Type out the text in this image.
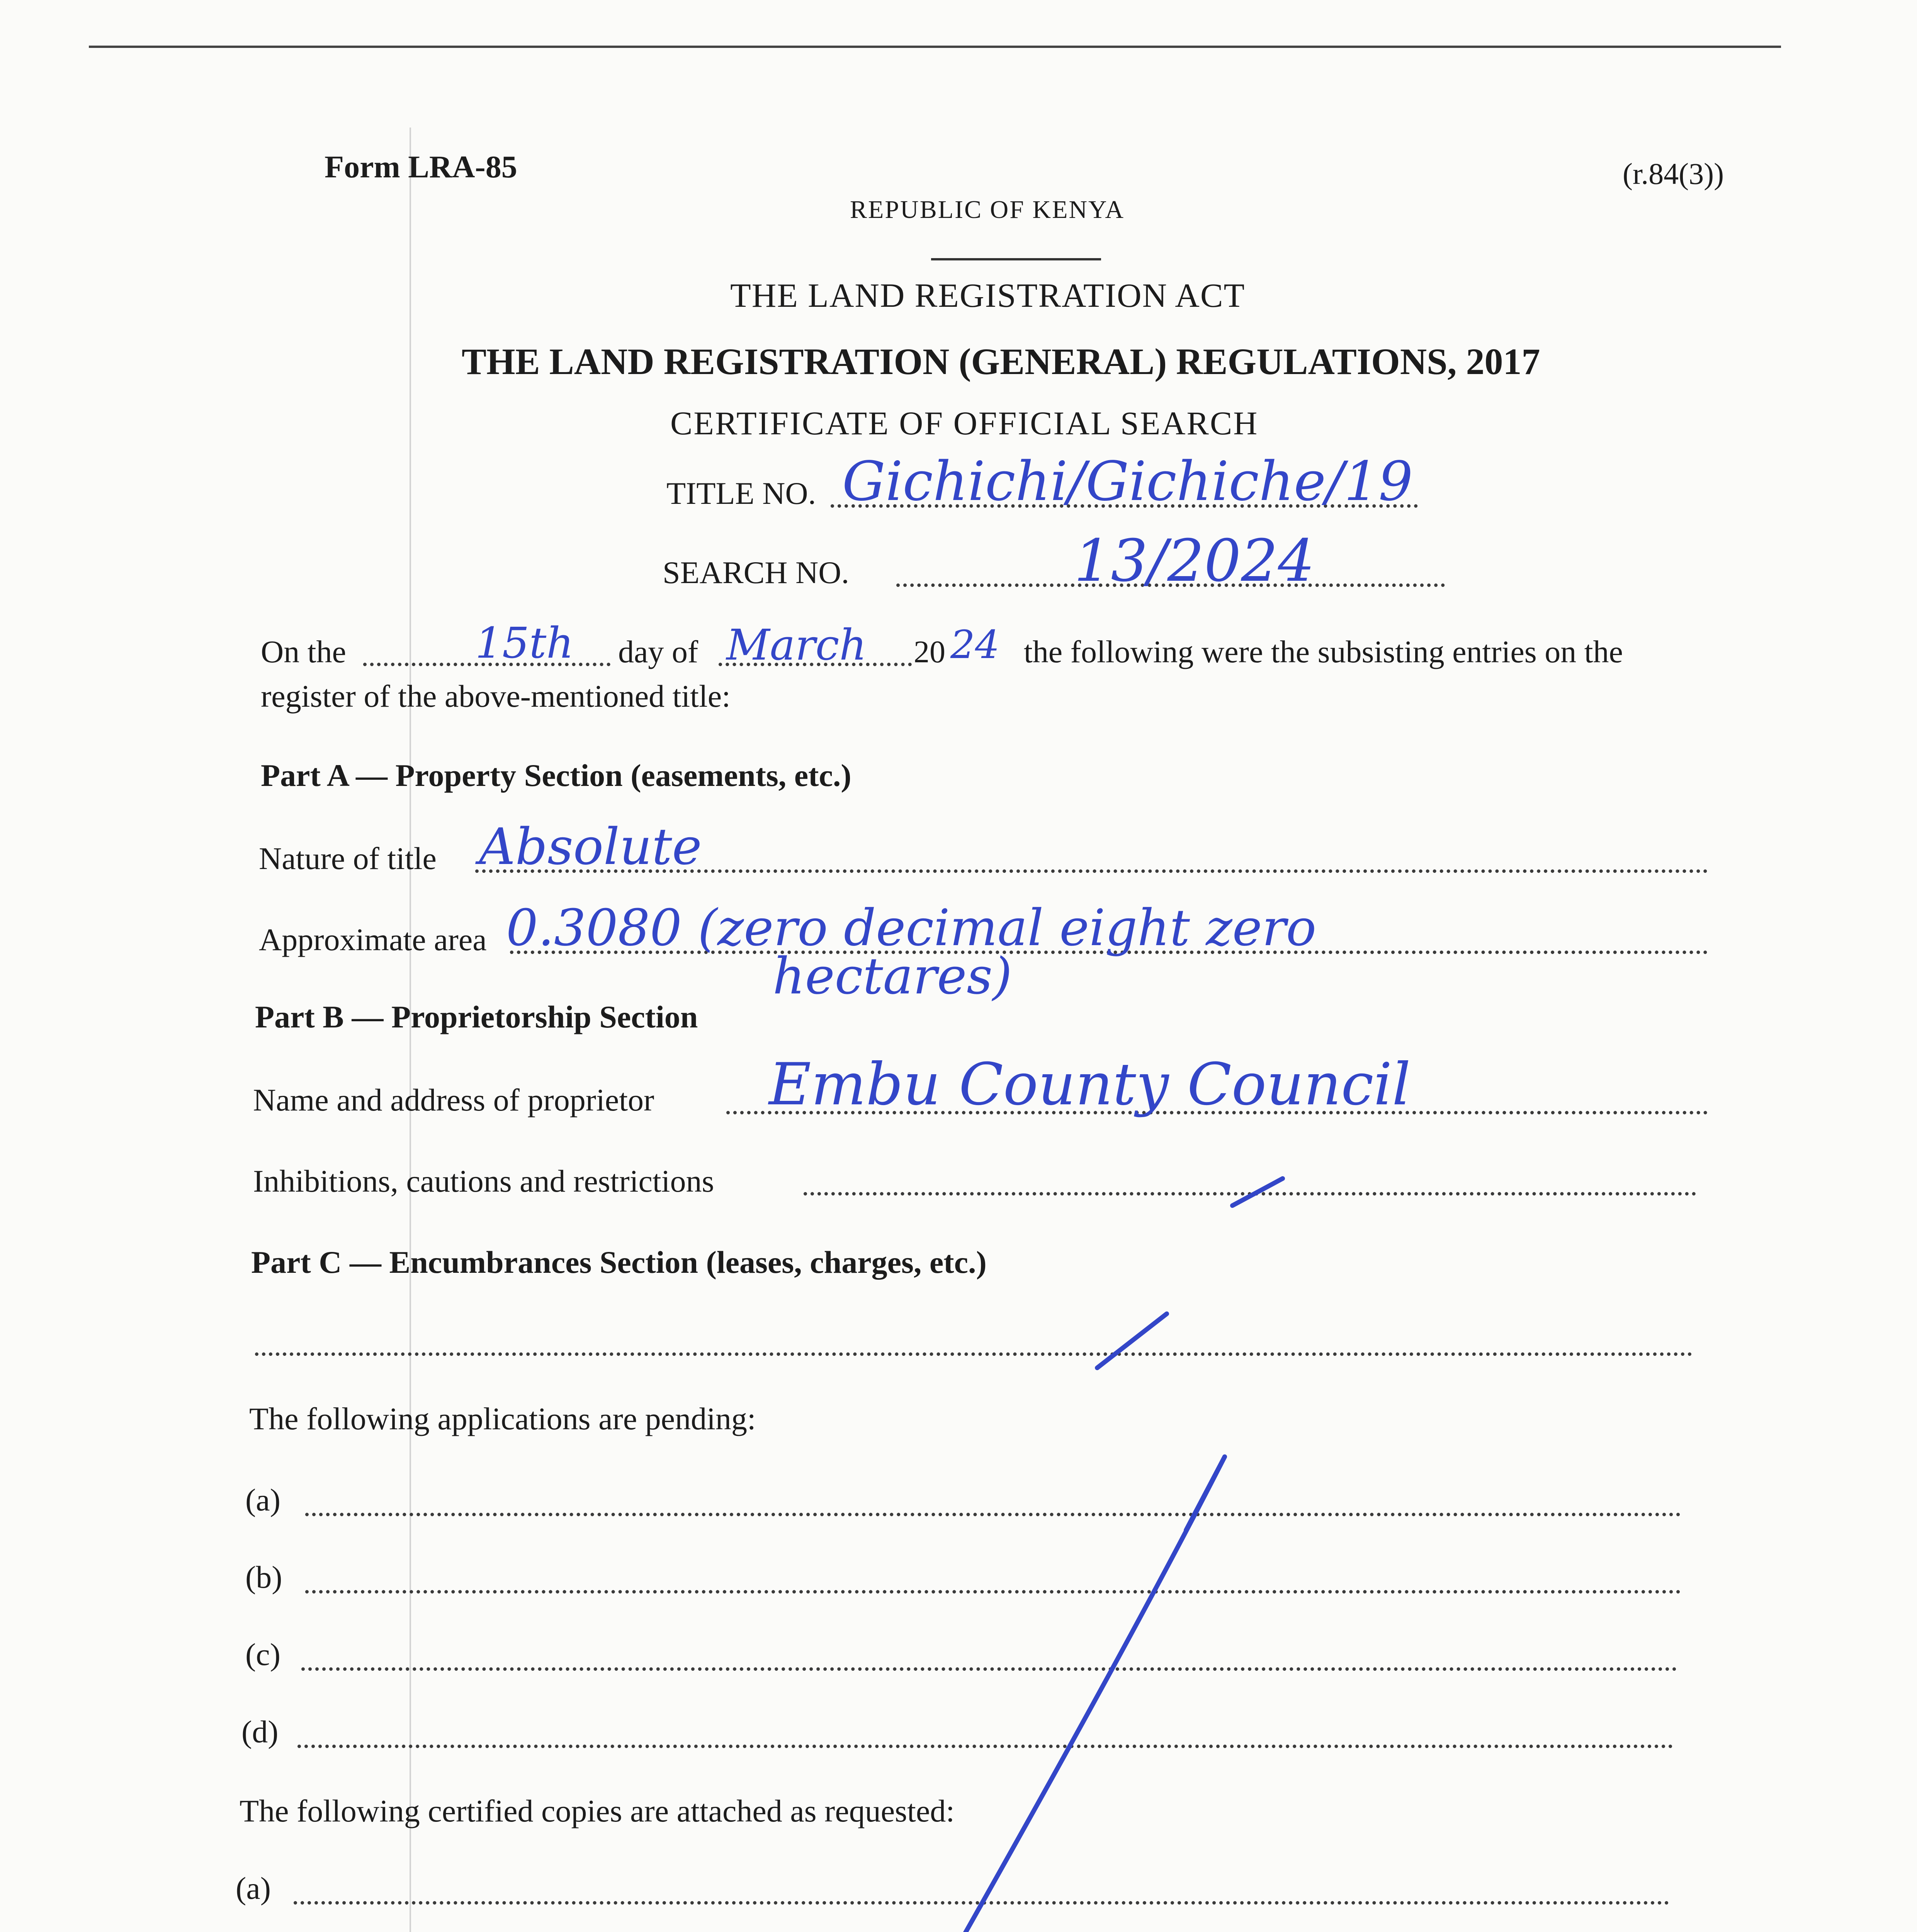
Form LRA-85	(r.84(3))
REPUBLIC OF KENYA
THE LAND REGISTRATION ACT
THE LAND REGISTRATION (GENERAL) REGULATIONS, 2017
CERTIFICATE OF OFFICIAL SEARCH
TITLE NO. Gichichi/Gichiche/19
SEARCH NO.	13/2024
On the	15th day of March 20 24 the following were the subsisting entries on the
register of the above-mentioned title:
Part A — Property Section (easements, etc.)
Nature of title Absolute
Approximate area 0.3080 (zero decimal eight zero
hectares)
Part B — Proprietorship Section
Name and address of proprietor Embu County Council
Inhibitions, cautions and restrictions
Part C — Encumbrances Section (leases, charges, etc.)
The following applications are pending:
(a)
(b)
(c)
(d)
The following certified copies are attached as requested:
(a)
